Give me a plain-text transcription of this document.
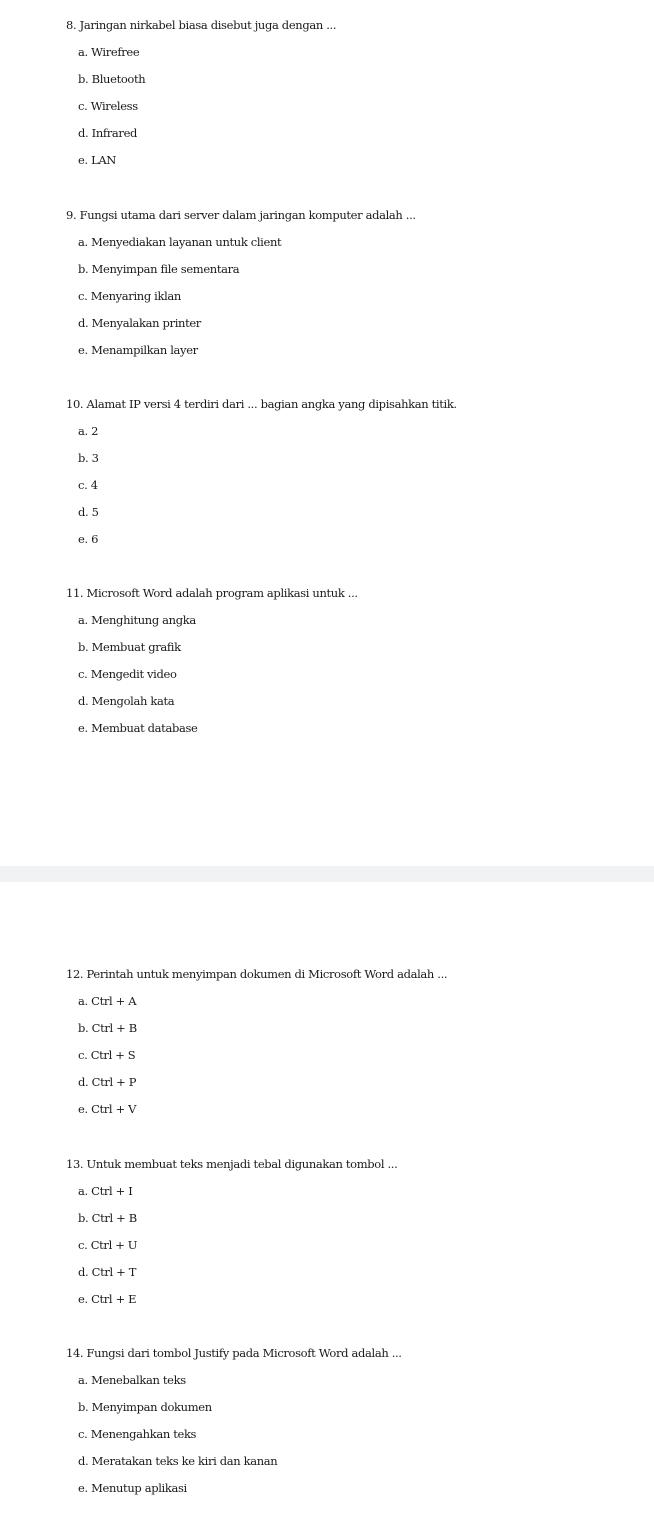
8. Jaringan nirkabel biasa disebut juga dengan ...
a. Wirefree
b. Bluetooth
c. Wireless
d. Infrared
e. LAN
9. Fungsi utama dari server dalam jaringan komputer adalah ...
a. Menyediakan layanan untuk client
b. Menyimpan file sementara
c. Menyaring iklan
d. Menyalakan printer
e. Menampilkan layer
10. Alamat IP versi 4 terdiri dari ... bagian angka yang dipisahkan titik.
a. 2
b. 3
c. 4
d. 5
e. 6
11. Microsoft Word adalah program aplikasi untuk ...
a. Menghitung angka
b. Membuat grafik
c. Mengedit video
d. Mengolah kata
e. Membuat database
12. Perintah untuk menyimpan dokumen di Microsoft Word adalah ...
a. Ctrl + A
b. Ctrl + B
c. Ctrl + S
d. Ctrl + P
e. Ctrl + V
13. Untuk membuat teks menjadi tebal digunakan tombol ...
a. Ctrl + I
b. Ctrl + B
c. Ctrl + U
d. Ctrl + T
e. Ctrl + E
14. Fungsi dari tombol Justify pada Microsoft Word adalah ...
a. Menebalkan teks
b. Menyimpan dokumen
c. Menengahkan teks
d. Meratakan teks ke kiri dan kanan
e. Menutup aplikasi
